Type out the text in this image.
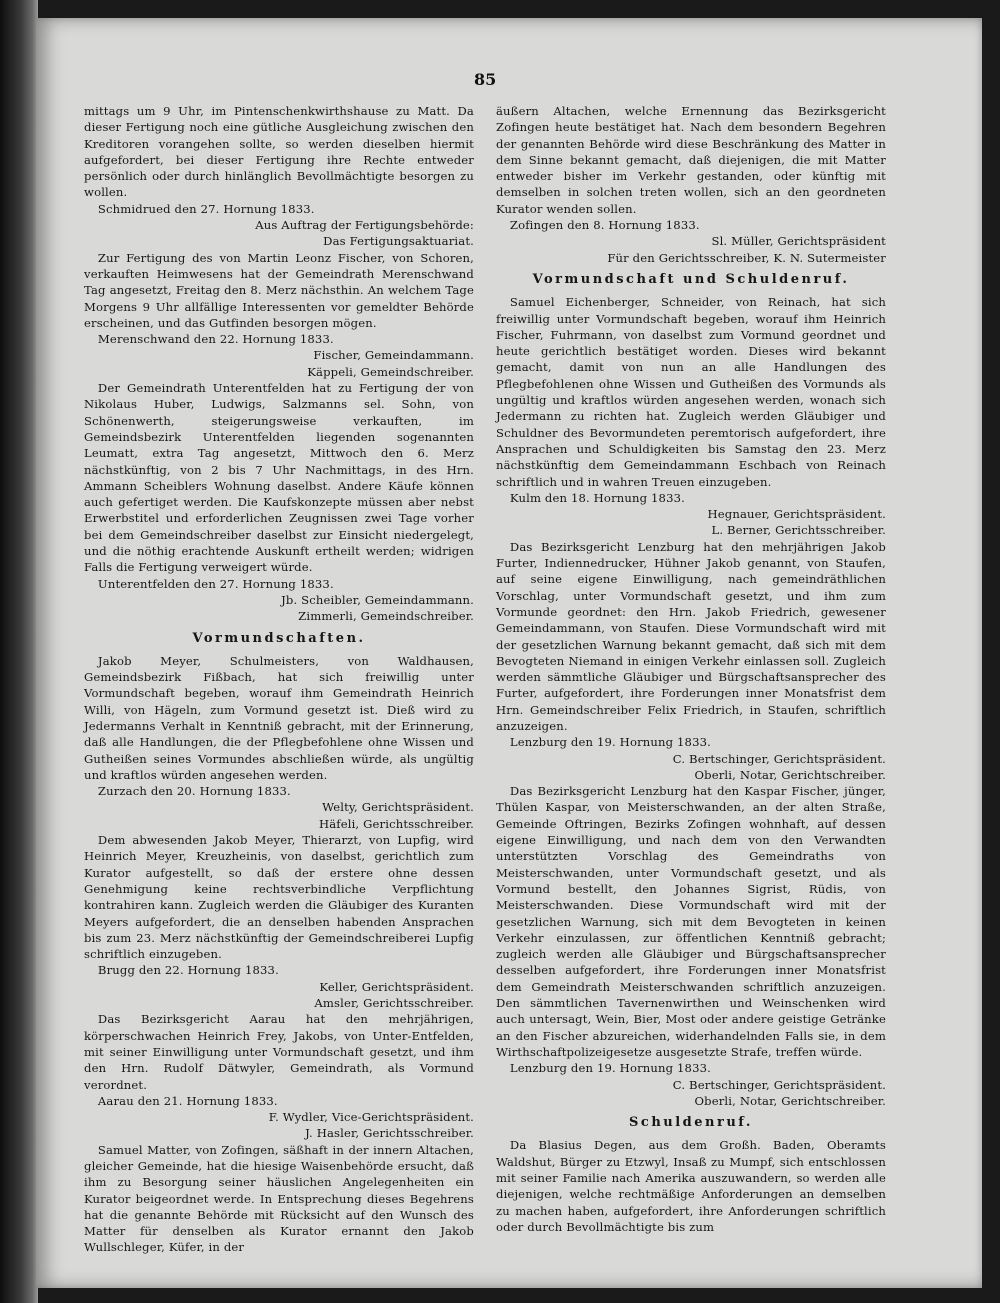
85

mittags um 9 Uhr, im Pintenschenkwirthshause zu Matt. Da dieser Fertigung noch eine gütliche Ausgleichung zwischen den Kreditoren vorangehen sollte, so werden dieselben hiermit aufgefordert, bei dieser Fertigung ihre Rechte entweder persönlich oder durch hinlänglich Bevollmächtigte besorgen zu wollen.

Schmidrued den 27. Hornung 1833.
Aus Auftrag der Fertigungsbehörde:
Das Fertigungsaktuariat.

Zur Fertigung des von Martin Leonz Fischer, von Schoren, verkauften Heimwesens hat der Gemeindrath Merenschwand Tag angesetzt, Freitag den 8. Merz nächsthin. An welchem Tage Morgens 9 Uhr allfällige Interessenten vor gemeldter Behörde erscheinen, und das Gutfinden besorgen mögen.

Merenschwand den 22. Hornung 1833.
Fischer, Gemeindammann.
Käppeli, Gemeindschreiber.

Der Gemeindrath Unterentfelden hat zu Fertigung der von Nikolaus Huber, Ludwigs, Salzmanns sel. Sohn, von Schönenwerth, steigerungsweise verkauften, im Gemeindsbezirk Unterentfelden liegenden sogenannten Leumatt, extra Tag angesetzt, Mittwoch den 6. Merz nächstkünftig, von 2 bis 7 Uhr Nachmittags, in des Hrn. Ammann Scheiblers Wohnung daselbst. Andere Käufe können auch gefertiget werden. Die Kaufskonzepte müssen aber nebst Erwerbstitel und erforderlichen Zeugnissen zwei Tage vorher bei dem Gemeindschreiber daselbst zur Einsicht niedergelegt, und die nöthig erachtende Auskunft ertheilt werden; widrigen Falls die Fertigung verweigert würde.

Unterentfelden den 27. Hornung 1833.
Jb. Scheibler, Gemeindammann.
Zimmerli, Gemeindschreiber.
Vormundschaften.

Jakob Meyer, Schulmeisters, von Waldhausen, Gemeindsbezirk Fißbach, hat sich freiwillig unter Vormundschaft begeben, worauf ihm Gemeindrath Heinrich Willi, von Hägeln, zum Vormund gesetzt ist. Dieß wird zu Jedermanns Verhalt in Kenntniß gebracht, mit der Erinnerung, daß alle Handlungen, die der Pflegbefohlene ohne Wissen und Gutheißen seines Vormundes abschließen würde, als ungültig und kraftlos würden angesehen werden.

Zurzach den 20. Hornung 1833.
Welty, Gerichtspräsident.
Häfeli, Gerichtsschreiber.

Dem abwesenden Jakob Meyer, Thierarzt, von Lupfig, wird Heinrich Meyer, Kreuzheinis, von daselbst, gerichtlich zum Kurator aufgestellt, so daß der erstere ohne dessen Genehmigung keine rechtsverbindliche Verpflichtung kontrahiren kann. Zugleich werden die Gläubiger des Kuranten Meyers aufgefordert, die an denselben habenden Ansprachen bis zum 23. Merz nächstkünftig der Gemeindschreiberei Lupfig schriftlich einzugeben.

Brugg den 22. Hornung 1833.
Keller, Gerichtspräsident.
Amsler, Gerichtsschreiber.

Das Bezirksgericht Aarau hat den mehrjährigen, körperschwachen Heinrich Frey, Jakobs, von Unter-Entfelden, mit seiner Einwilligung unter Vormundschaft gesetzt, und ihm den Hrn. Rudolf Dätwyler, Gemeindrath, als Vormund verordnet.

Aarau den 21. Hornung 1833.
F. Wydler, Vice-Gerichtspräsident.
J. Hasler, Gerichtsschreiber.

Samuel Matter, von Zofingen, säßhaft in der innern Altachen, gleicher Gemeinde, hat die hiesige Waisenbehörde ersucht, daß ihm zu Besorgung seiner häuslichen Angelegenheiten ein Kurator beigeordnet werde. In Entsprechung dieses Begehrens hat die genannte Behörde mit Rücksicht auf den Wunsch des Matter für denselben als Kurator ernannt den Jakob Wullschleger, Küfer, in der

äußern Altachen, welche Ernennung das Bezirksgericht Zofingen heute bestätiget hat. Nach dem besondern Begehren der genannten Behörde wird diese Beschränkung des Matter in dem Sinne bekannt gemacht, daß diejenigen, die mit Matter entweder bisher im Verkehr gestanden, oder künftig mit demselben in solchen treten wollen, sich an den geordneten Kurator wenden sollen.

Zofingen den 8. Hornung 1833.
Sl. Müller, Gerichtspräsident
Für den Gerichtsschreiber, K. N. Sutermeister
Vormundschaft und Schuldenruf.

Samuel Eichenberger, Schneider, von Reinach, hat sich freiwillig unter Vormundschaft begeben, worauf ihm Heinrich Fischer, Fuhrmann, von daselbst zum Vormund geordnet und heute gerichtlich bestätiget worden. Dieses wird bekannt gemacht, damit von nun an alle Handlungen des Pflegbefohlenen ohne Wissen und Gutheißen des Vormunds als ungültig und kraftlos würden angesehen werden, wonach sich Jedermann zu richten hat. Zugleich werden Gläubiger und Schuldner des Bevormundeten peremtorisch aufgefordert, ihre Ansprachen und Schuldigkeiten bis Samstag den 23. Merz nächstkünftig dem Gemeindammann Eschbach von Reinach schriftlich und in wahren Treuen einzugeben.

Kulm den 18. Hornung 1833.
Hegnauer, Gerichtspräsident.
L. Berner, Gerichtsschreiber.

Das Bezirksgericht Lenzburg hat den mehrjährigen Jakob Furter, Indiennedrucker, Hühner Jakob genannt, von Staufen, auf seine eigene Einwilligung, nach gemeindräthlichen Vorschlag, unter Vormundschaft gesetzt, und ihm zum Vormunde geordnet: den Hrn. Jakob Friedrich, gewesener Gemeindammann, von Staufen. Diese Vormundschaft wird mit der gesetzlichen Warnung bekannt gemacht, daß sich mit dem Bevogteten Niemand in einigen Verkehr einlassen soll. Zugleich werden sämmtliche Gläubiger und Bürgschaftsansprecher des Furter, aufgefordert, ihre Forderungen inner Monatsfrist dem Hrn. Gemeindschreiber Felix Friedrich, in Staufen, schriftlich anzuzeigen.

Lenzburg den 19. Hornung 1833.
C. Bertschinger, Gerichtspräsident.
Oberli, Notar, Gerichtschreiber.

Das Bezirksgericht Lenzburg hat den Kaspar Fischer, jünger, Thülen Kaspar, von Meisterschwanden, an der alten Straße, Gemeinde Oftringen, Bezirks Zofingen wohnhaft, auf dessen eigene Einwilligung, und nach dem von den Verwandten unterstützten Vorschlag des Gemeindraths von Meisterschwanden, unter Vormundschaft gesetzt, und als Vormund bestellt, den Johannes Sigrist, Rüdis, von Meisterschwanden. Diese Vormundschaft wird mit der gesetzlichen Warnung, sich mit dem Bevogteten in keinen Verkehr einzulassen, zur öffentlichen Kenntniß gebracht; zugleich werden alle Gläubiger und Bürgschaftsansprecher desselben aufgefordert, ihre Forderungen inner Monatsfrist dem Gemeindrath Meisterschwanden schriftlich anzuzeigen. Den sämmtlichen Tavernenwirthen und Weinschenken wird auch untersagt, Wein, Bier, Most oder andere geistige Getränke an den Fischer abzureichen, widerhandelnden Falls sie, in dem Wirthschaftpolizeigesetze ausgesetzte Strafe, treffen würde.

Lenzburg den 19. Hornung 1833.
C. Bertschinger, Gerichtspräsident.
Oberli, Notar, Gerichtschreiber.
Schuldenruf.

Da Blasius Degen, aus dem Großh. Baden, Oberamts Waldshut, Bürger zu Etzwyl, Insaß zu Mumpf, sich entschlossen mit seiner Familie nach Amerika auszuwandern, so werden alle diejenigen, welche rechtmäßige Anforderungen an demselben zu machen haben, aufgefordert, ihre Anforderungen schriftlich oder durch Bevollmächtigte bis zum
